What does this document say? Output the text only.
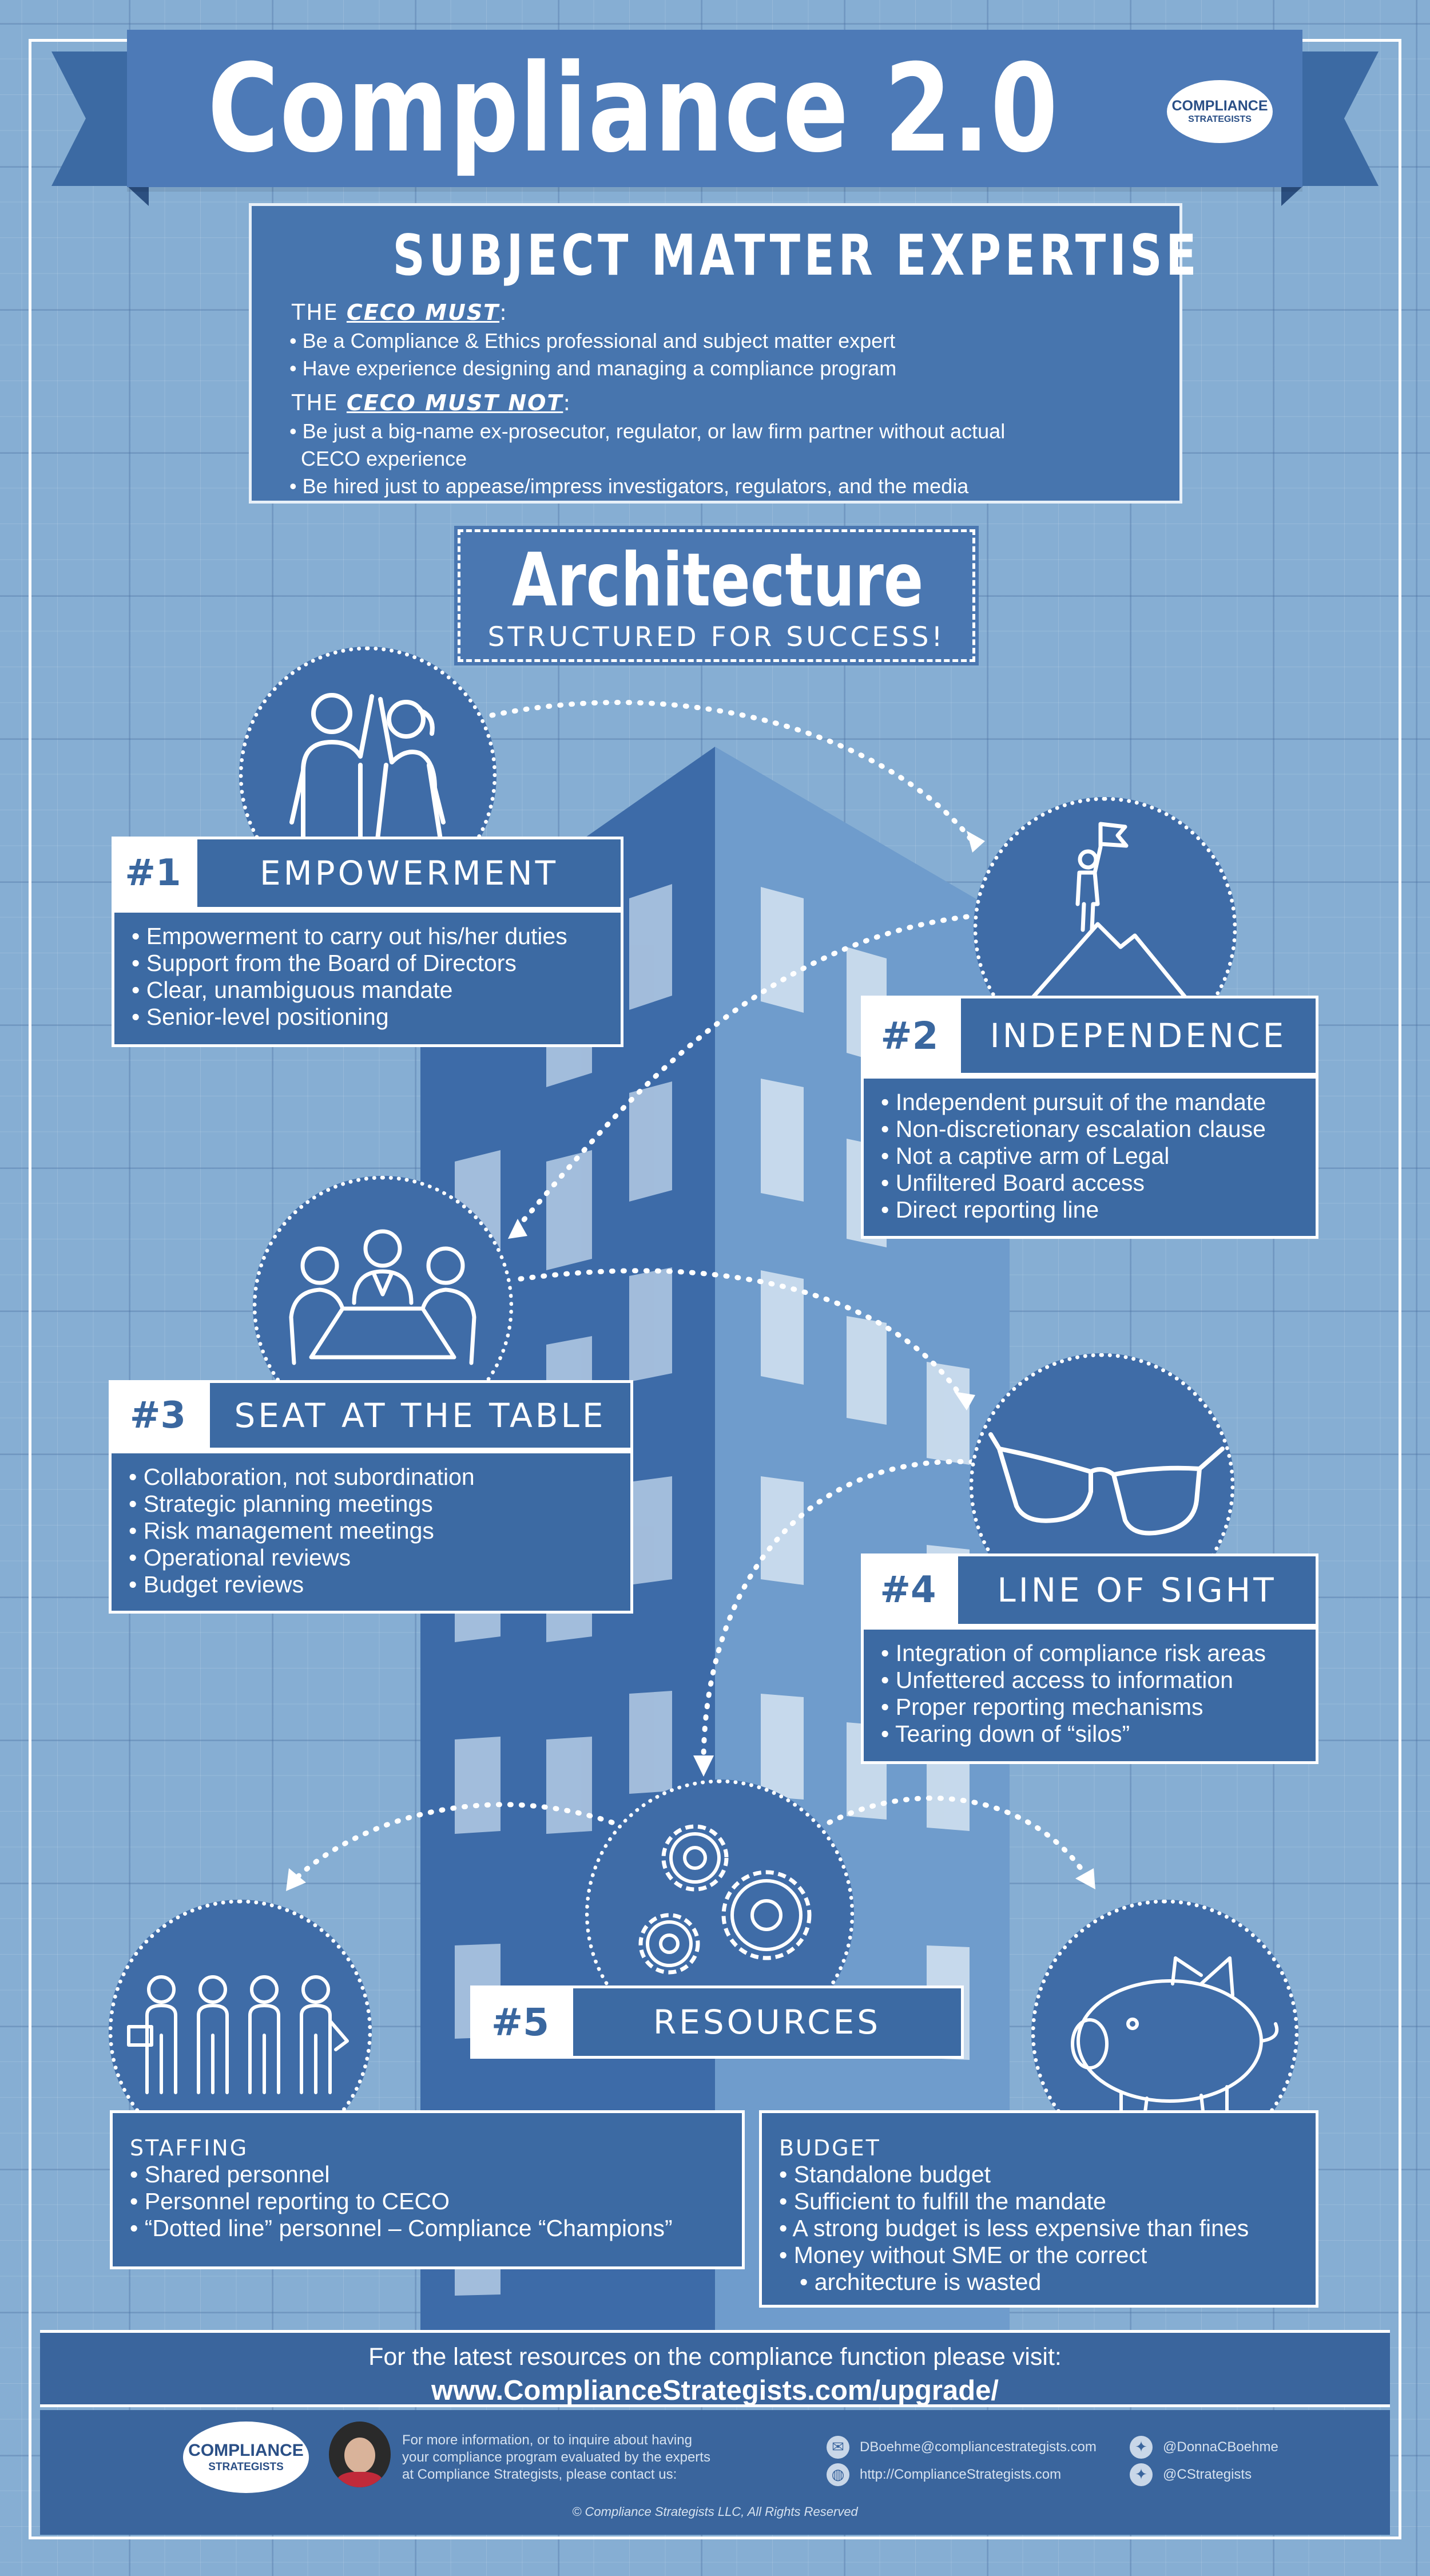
Compliance 2.0	COMPLIANCE
STRATEGISTS
SUBJECT MATTER EXPERTISE
THE CECO MUST:
• Be a Compliance & Ethics professional and subject matter expert
• Have experience designing and managing a compliance program
THE CECO MUST NOT:
• Be just a big-name ex-prosecutor, regulator, or law firm partner without actual
CECO experience
• Be hired just to appease/impress investigators, regulators, and the media
Architecture
STRUCTURED FOR SUCCESS!
#1	EMPOWERMENT
• Empowerment to carry out his/her duties
• Support from the Board of Directors
• Clear, unambiguous mandate
• Senior-level positioning	#2	INDEPENDENCE
• Independent pursuit of the mandate
• Non-discretionary escalation clause
• Not a captive arm of Legal
• Unfiltered Board access
• Direct reporting line
#3	SEAT AT THE TABLE
• Collaboration, not subordination
• Strategic planning meetings
• Risk management meetings
• Operational reviews
• Budget reviews	#4	LINE OF SIGHT
• Integration of compliance risk areas
• Unfettered access to information
• Proper reporting mechanisms
• Tearing down of “silos”
#5	RESOURCES
STAFFING
• Shared personnel
• Personnel reporting to CECO
• “Dotted line” personnel – Compliance “Champions”
BUDGET
• Standalone budget
• Sufficient to fulfill the mandate
• A strong budget is less expensive than fines
• Money without SME or the correct
• architecture is wasted
For the latest resources on the compliance function please visit:
www.ComplianceStrategists.com/upgrade/
COMPLIANCE
STRATEGISTS
For more information, or to inquire about having
your compliance program evaluated by the experts
at Compliance Strategists, please contact us:
✉	DBoehme@compliancestrategists.com
◍	http://ComplianceStrategists.com
✦	@DonnaCBoehme
✦	@CStrategists
© Compliance Strategists LLC, All Rights Reserved
